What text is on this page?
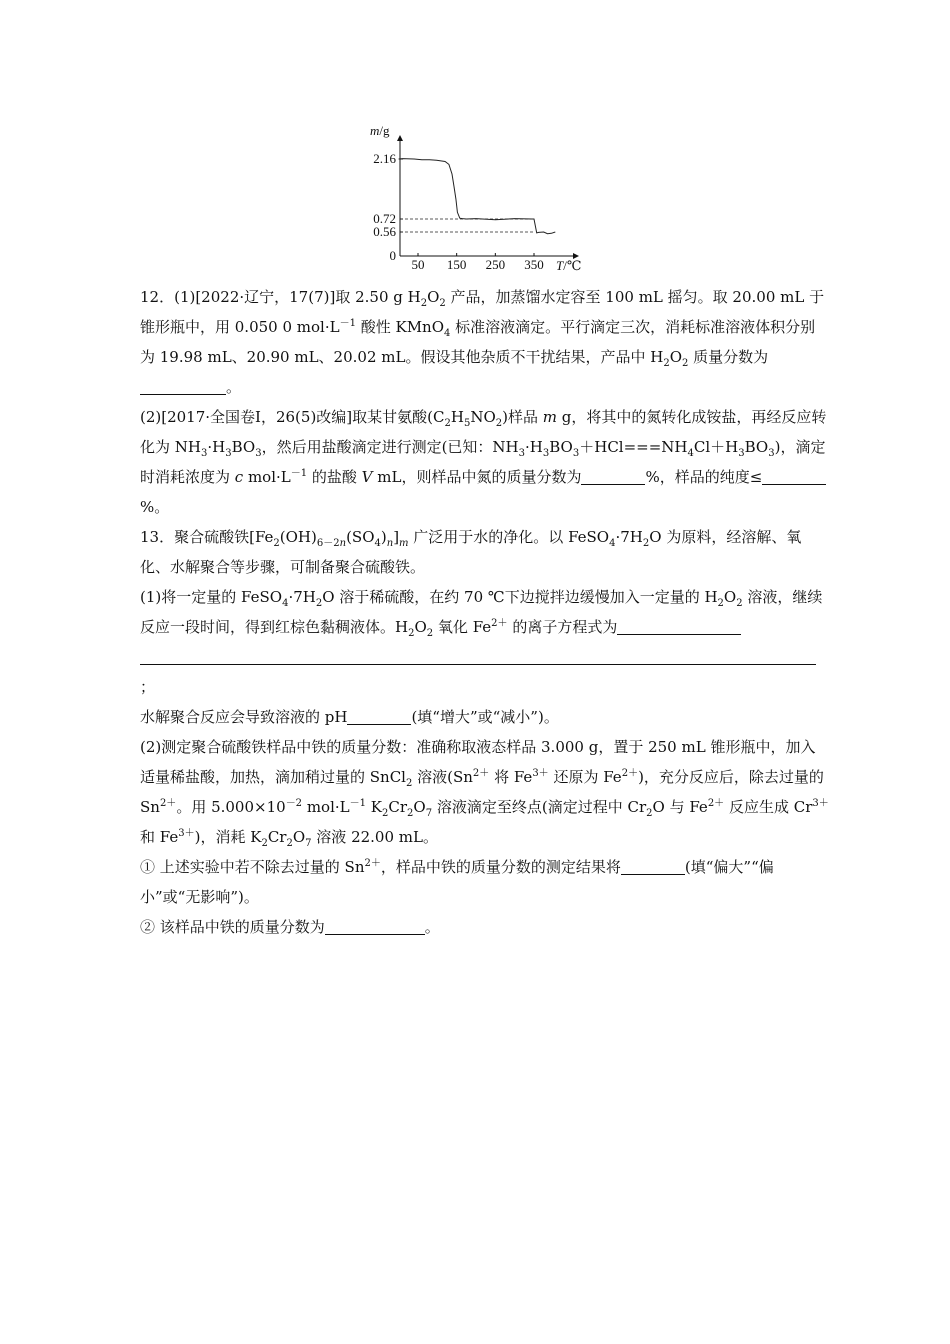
m/g
T/℃
2.16
0.72
0.56
0
50 150 250 350

12．(1)[2022·辽宁，17(7)]取 2.50 g $H_2O_2$ 产品，加蒸馏水定容至 100 mL 摇匀。取 20.00 mL 于锥形瓶中，用 0.050 0 $mol\cdot L^{-1}$ 酸性 KMnO$_4$ 标准溶液滴定。平行滴定三次，消耗标准溶液体积分别为 19.98 mL、20.90 mL、20.02 mL。假设其他杂质不干扰结果，产品中 $H_2O_2$ 质量分数为。

(2)[2017·全国卷Ⅰ，26(5)改编]取某甘氨酸$(C_2H_5NO_2)$样品 m g，将其中的氮转化成铵盐，再经反应转化为 $NH_3\cdot H_3BO_3$，然后用盐酸滴定进行测定(已知：$NH_3\cdot H_3BO_3+HCl===NH_4Cl+H_3BO_3$)，滴定时消耗浓度为 c $mol\cdot L^{-1}$ 的盐酸 V mL，则样品中氮的质量分数为	%，样品的纯度≤%。

13．聚合硫酸铁$[Fe_2(OH)_{6-2n}(SO_4)_n]_m$ 广泛用于水的净化。以 $FeSO_4\cdot 7H_2O$ 为原料，经溶解、氧化、水解聚合等步骤，可制备聚合硫酸铁。

(1)将一定量的 $FeSO_4\cdot 7H_2O$ 溶于稀硫酸，在约 70 ℃下边搅拌边缓慢加入一定量的 $H_2O_2$ 溶液，继续反应一段时间，得到红棕色黏稠液体。$H_2O_2$ 氧化 $Fe^{2+}$ 的离子方程式为
；

水解聚合反应会导致溶液的 pH	(填“增大”或“减小”)。

(2)测定聚合硫酸铁样品中铁的质量分数：准确称取液态样品 3.000 g，置于 250 mL 锥形瓶中，加入适量稀盐酸，加热，滴加稍过量的 SnCl$_2$ 溶液($Sn^{2+}$ 将 $Fe^{3+}$ 还原为 $Fe^{2+}$)，充分反应后，除去过量的 $Sn^{2+}$。用 $5.000\times 10^{-2}$ $mol\cdot L^{-1}$ $K_2Cr_2O_7$ 溶液滴定至终点(滴定过程中 $Cr_2O$ 与 $Fe^{2+}$ 反应生成 $Cr^{3+}$ 和 $Fe^{3+}$)，消耗 $K_2Cr_2O_7$ 溶液 22.00 mL。

① 上述实验中若不除去过量的 $Sn^{2+}$，样品中铁的质量分数的测定结果将	(填“偏大”“偏小”或“无影响”)。

② 该样品中铁的质量分数为	。
